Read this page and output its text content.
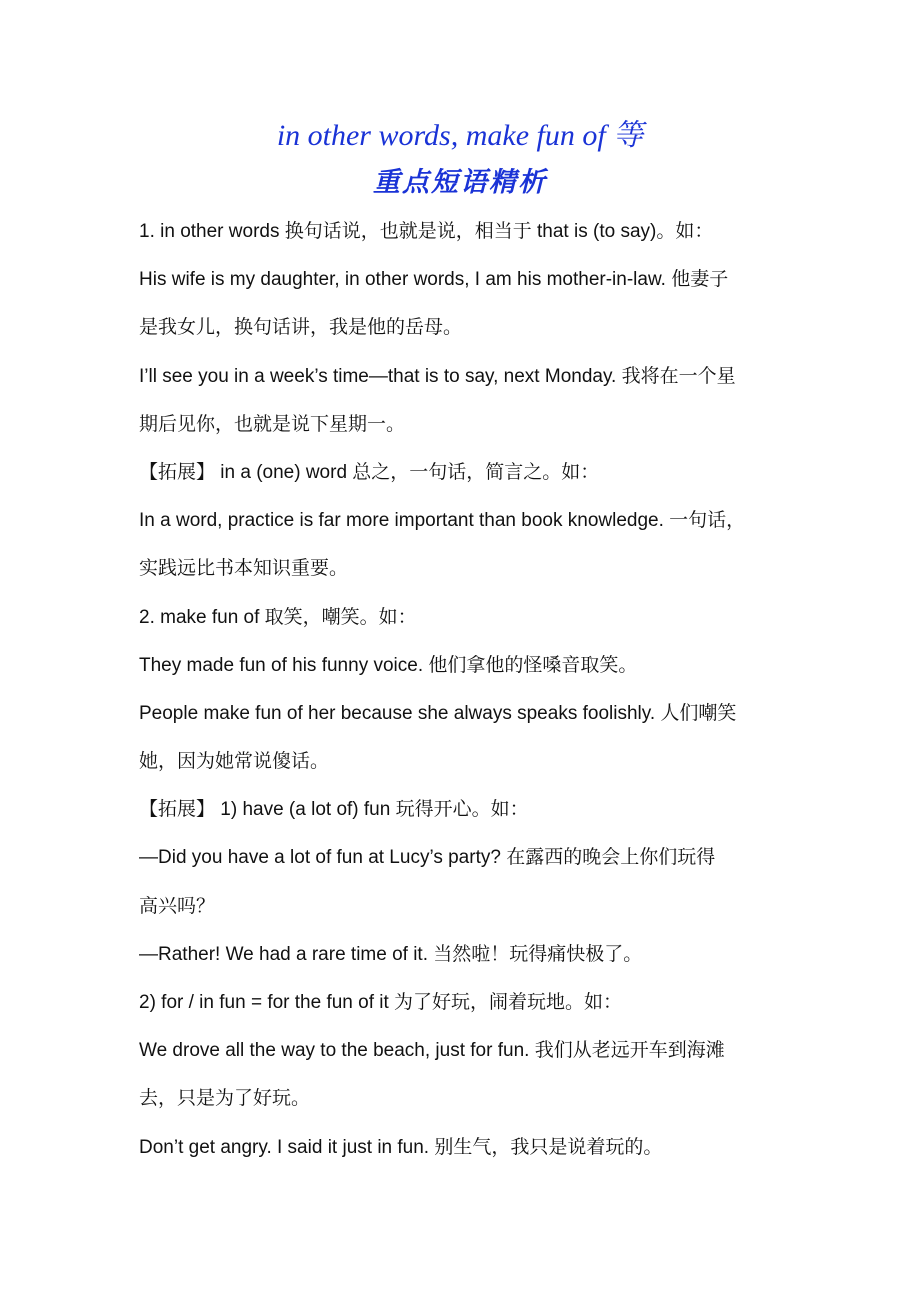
in other words, make fun of 等
重点短语精析
1. in other words 换句话说，也就是说，相当于 that is (to say)。如：
His wife is my daughter, in other words, I am his mother-in-law. 他妻子
是我女儿，换句话讲，我是他的岳母。
I’ll see you in a week’s time—that is to say, next Monday. 我将在一个星
期后见你，也就是说下星期一。
【拓展】 in a (one) word 总之，一句话，简言之。如：
In a word, practice is far more important than book knowledge. 一句话，
实践远比书本知识重要。
2. make fun of 取笑，嘲笑。如：
They made fun of his funny voice. 他们拿他的怪嗓音取笑。
People make fun of her because she always speaks foolishly. 人们嘲笑
她，因为她常说傻话。
【拓展】 1) have (a lot of) fun 玩得开心。如：
—Did you have a lot of fun at Lucy’s party? 在露西的晚会上你们玩得
高兴吗？
—Rather! We had a rare time of it. 当然啦！玩得痛快极了。
2) for / in fun = for the fun of it 为了好玩，闹着玩地。如：
We drove all the way to the beach, just for fun. 我们从老远开车到海滩
去，只是为了好玩。
Don’t get angry. I said it just in fun. 别生气，我只是说着玩的。
